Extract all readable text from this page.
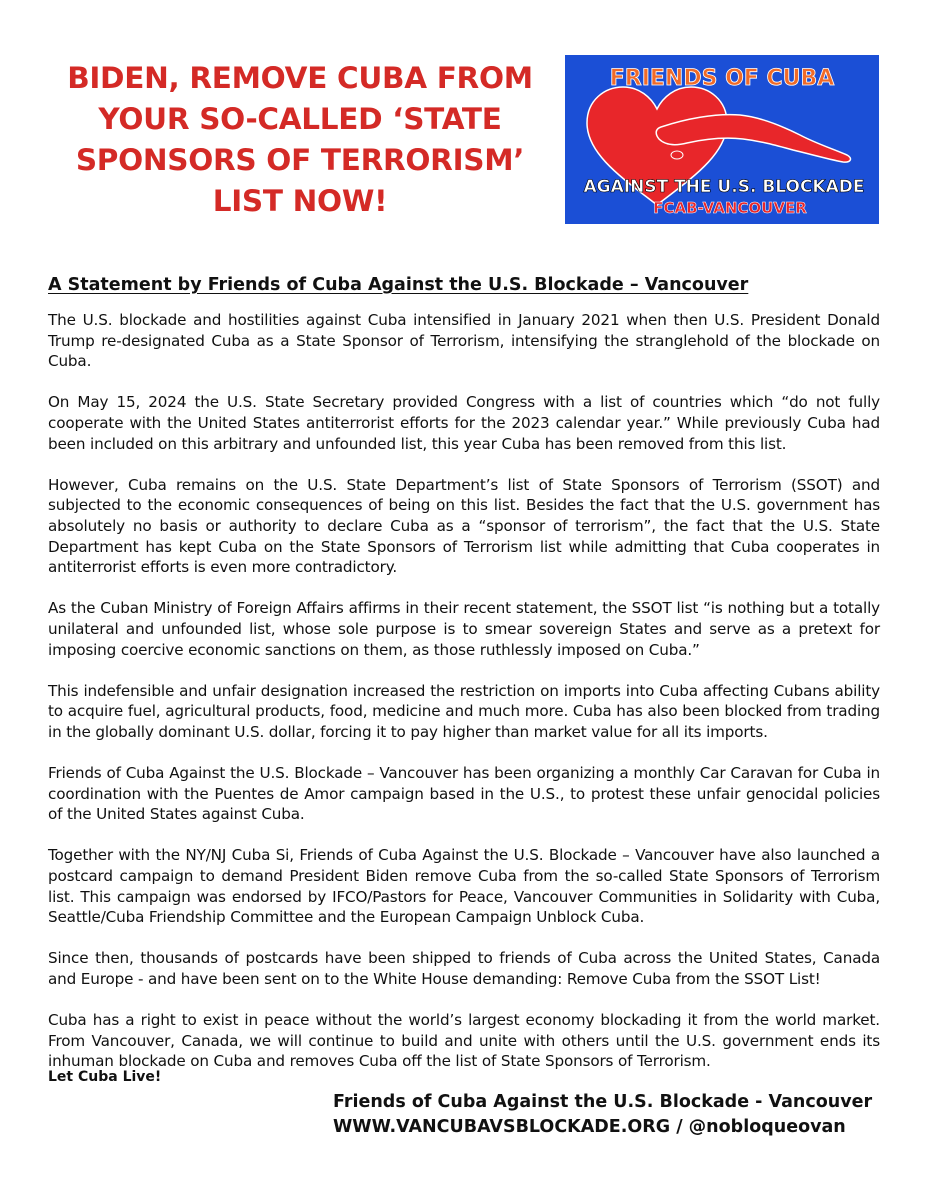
BIDEN, REMOVE CUBA FROM
YOUR SO-CALLED ‘STATE
SPONSORS OF TERRORISM’
LIST NOW!
FRIENDS OF CUBA
AGAINST THE U.S. BLOCKADE
FCAB-VANCOUVER
A Statement by Friends of Cuba Against the U.S. Blockade – Vancouver

The U.S. blockade and hostilities against Cuba intensified in January 2021 when then U.S. President Donald Trump re-designated Cuba as a State Sponsor of Terrorism, intensifying the stranglehold of the blockade on Cuba.

On May 15, 2024 the U.S. State Secretary provided Congress with a list of countries which “do not fully cooperate with the United States antiterrorist efforts for the 2023 calendar year.” While previously Cuba had been included on this arbitrary and unfounded list, this year Cuba has been removed from this list.

However, Cuba remains on the U.S. State Department’s list of State Sponsors of Terrorism (SSOT) and subjected to the economic consequences of being on this list. Besides the fact that the U.S. government has absolutely no basis or authority to declare Cuba as a “sponsor of terrorism”, the fact that the U.S. State Department has kept Cuba on the State Sponsors of Terrorism list while admitting that Cuba cooperates in antiterrorist efforts is even more contradictory.

As the Cuban Ministry of Foreign Affairs affirms in their recent statement, the SSOT list “is nothing but a totally unilateral and unfounded list, whose sole purpose is to smear sovereign States and serve as a pretext for imposing coercive economic sanctions on them, as those ruthlessly imposed on Cuba.”

This indefensible and unfair designation increased the restriction on imports into Cuba affecting Cubans ability to acquire fuel, agricultural products, food, medicine and much more. Cuba has also been blocked from trading in the globally dominant U.S. dollar, forcing it to pay higher than market value for all its imports.

Friends of Cuba Against the U.S. Blockade – Vancouver has been organizing a monthly Car Caravan for Cuba in coordination with the Puentes de Amor campaign based in the U.S., to protest these unfair genocidal policies of the United States against Cuba.

Together with the NY/NJ Cuba Si, Friends of Cuba Against the U.S. Blockade – Vancouver have also launched a postcard campaign to demand President Biden remove Cuba from the so-called State Sponsors of Terrorism list. This campaign was endorsed by IFCO/Pastors for Peace, Vancouver Communities in Solidarity with Cuba, Seattle/Cuba Friendship Committee and the European Campaign Unblock Cuba.

Since then, thousands of postcards have been shipped to friends of Cuba across the United States, Canada and Europe - and have been sent on to the White House demanding: Remove Cuba from the SSOT List!

Cuba has a right to exist in peace without the world’s largest economy blockading it from the world market. From Vancouver, Canada, we will continue to build and unite with others until the U.S. government ends its inhuman blockade on Cuba and removes Cuba off the list of State Sponsors of Terrorism.

Let Cuba Live!
Friends of Cuba Against the U.S. Blockade - Vancouver
WWW.VANCUBAVSBLOCKADE.ORG / @nobloqueovan
